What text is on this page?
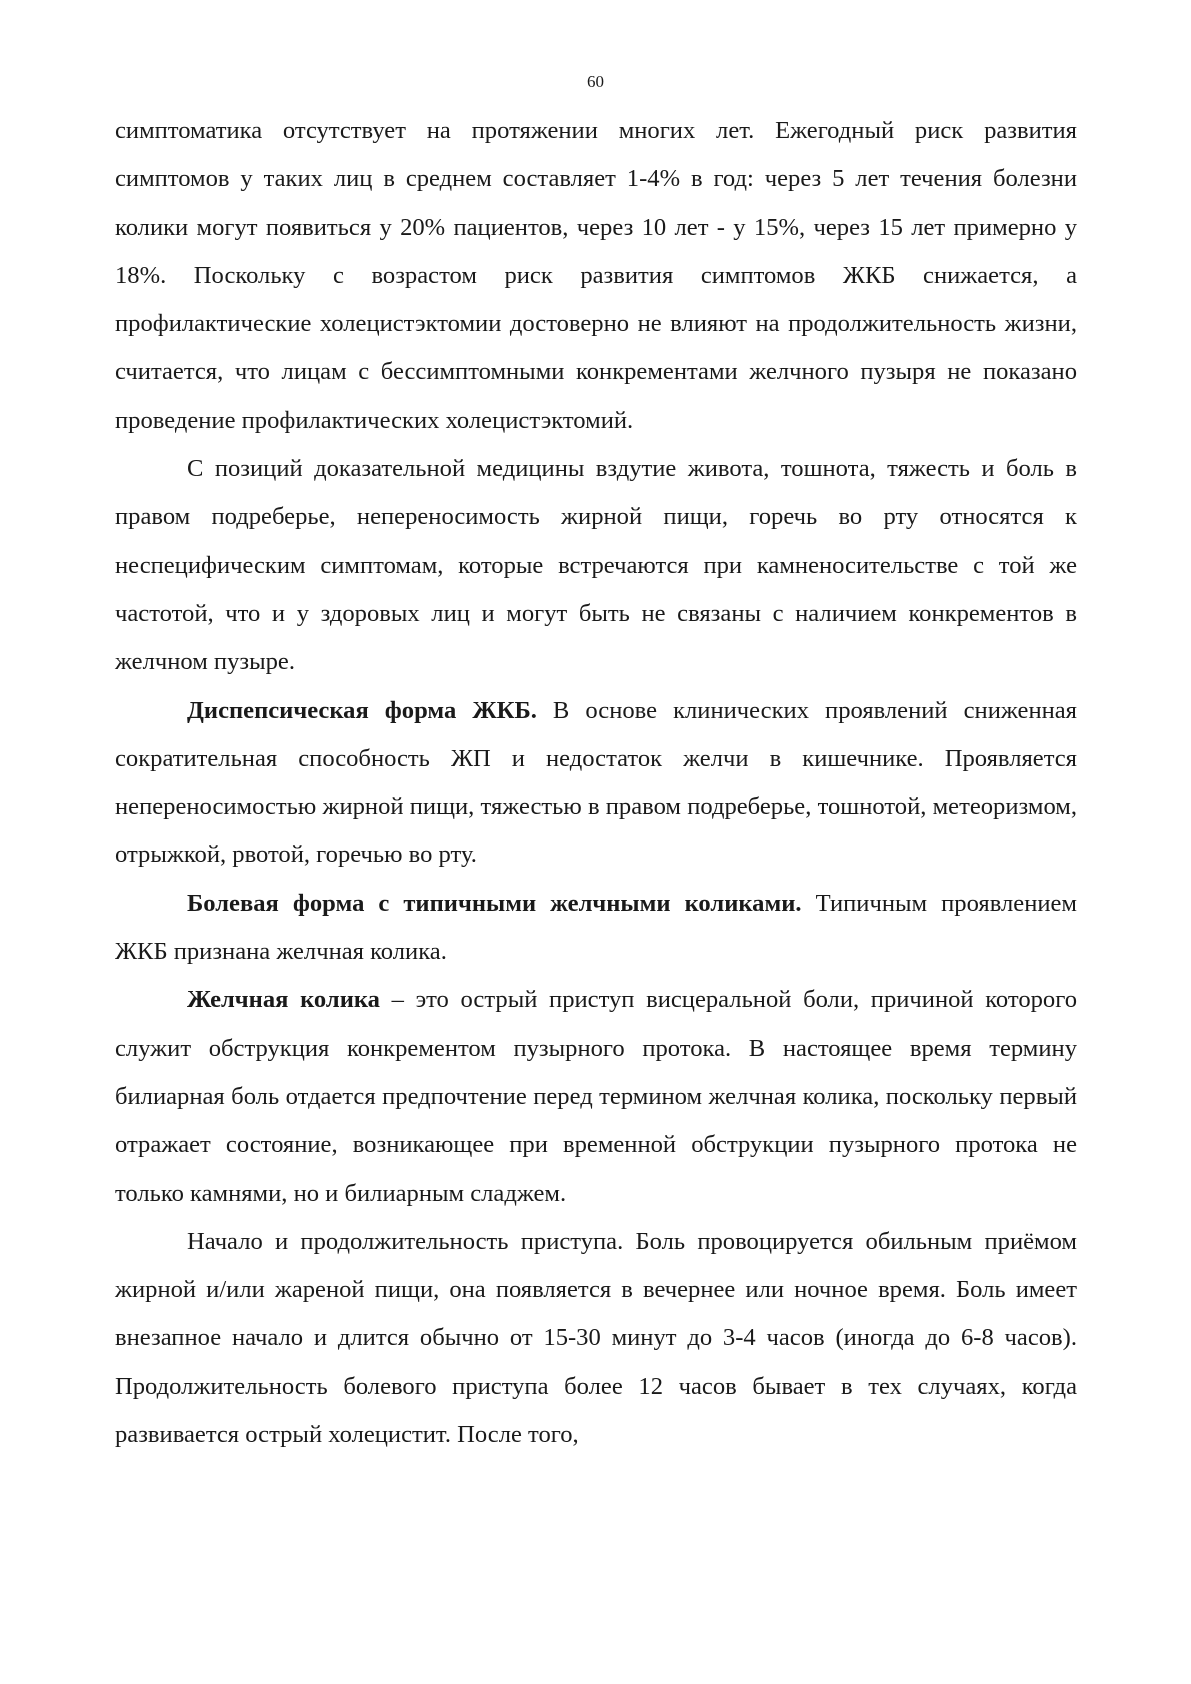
60

симптоматика отсутствует на протяжении многих лет. Ежегодный риск развития симптомов у таких лиц в среднем составляет 1-4% в год: через 5 лет течения болезни колики могут появиться у 20% пациентов, через 10 лет - у 15%, через 15 лет примерно у 18%. Поскольку с возрастом риск развития симптомов ЖКБ снижается, а профилактические холецистэктомии достоверно не влияют на продолжительность жизни, считается, что лицам с бессимптомными конкрементами желчного пузыря не показано проведение профилактических холецистэктомий.

С позиций доказательной медицины вздутие живота, тошнота, тяжесть и боль в правом подреберье, непереносимость жирной пищи, горечь во рту относятся к неспецифическим симптомам, которые встречаются при камненосительстве с той же частотой, что и у здоровых лиц и могут быть не связаны с наличием конкрементов в желчном пузыре.

Диспепсическая форма ЖКБ. В основе клинических проявлений сниженная сократительная способность ЖП и недостаток желчи в кишечнике. Проявляется непереносимостью жирной пищи, тяжестью в правом подреберье, тошнотой, метеоризмом, отрыжкой, рвотой, горечью во рту.

Болевая форма с типичными желчными коликами. Типичным проявлением ЖКБ признана желчная колика.

Желчная колика – это острый приступ висцеральной боли, причиной которого служит обструкция конкрементом пузырного протока. В настоящее время термину билиарная боль отдается предпочтение перед термином желчная колика, поскольку первый отражает состояние, возникающее при временной обструкции пузырного протока не только камнями, но и билиарным сладжем.

Начало и продолжительность приступа. Боль провоцируется обильным приёмом жирной и/или жареной пищи, она появляется в вечернее или ночное время. Боль имеет внезапное начало и длится обычно от 15-30 минут до 3-4 часов (иногда до 6-8 часов). Продолжительность болевого приступа более 12 часов бывает в тех случаях, когда развивается острый холецистит. После того,
